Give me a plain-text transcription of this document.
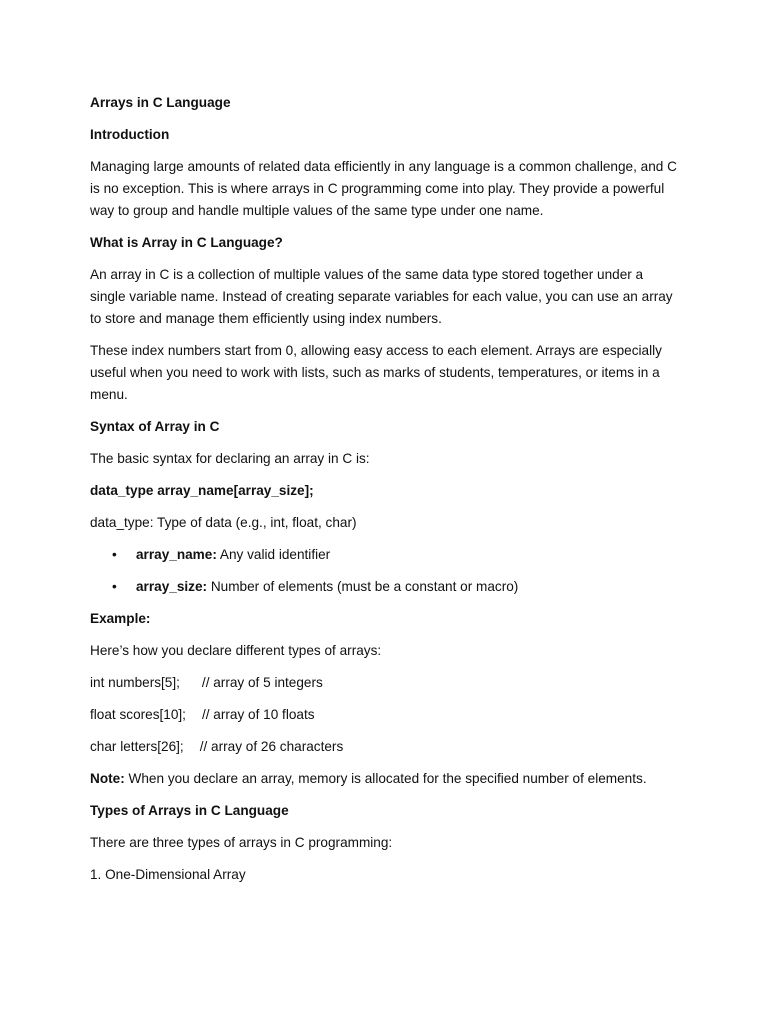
Arrays in C Language

Introduction

Managing large amounts of related data efficiently in any language is a common challenge, and C is no exception. This is where arrays in C programming come into play. They provide a powerful way to group and handle multiple values of the same type under one name.

What is Array in C Language?

An array in C is a collection of multiple values of the same data type stored together under a single variable name. Instead of creating separate variables for each value, you can use an array to store and manage them efficiently using index numbers.

These index numbers start from 0, allowing easy access to each element. Arrays are especially useful when you need to work with lists, such as marks of students, temperatures, or items in a menu.

Syntax of Array in C

The basic syntax for declaring an array in C is:

data_type array_name[array_size];

data_type: Type of data (e.g., int, float, char)

• array_name: Any valid identifier
• array_size: Number of elements (must be a constant or macro)

Example:

Here’s how you declare different types of arrays:

int numbers[5]; // array of 5 integers

float scores[10]; // array of 10 floats

char letters[26]; // array of 26 characters

Note: When you declare an array, memory is allocated for the specified number of elements.

Types of Arrays in C Language

There are three types of arrays in C programming:

1. One-Dimensional Array
